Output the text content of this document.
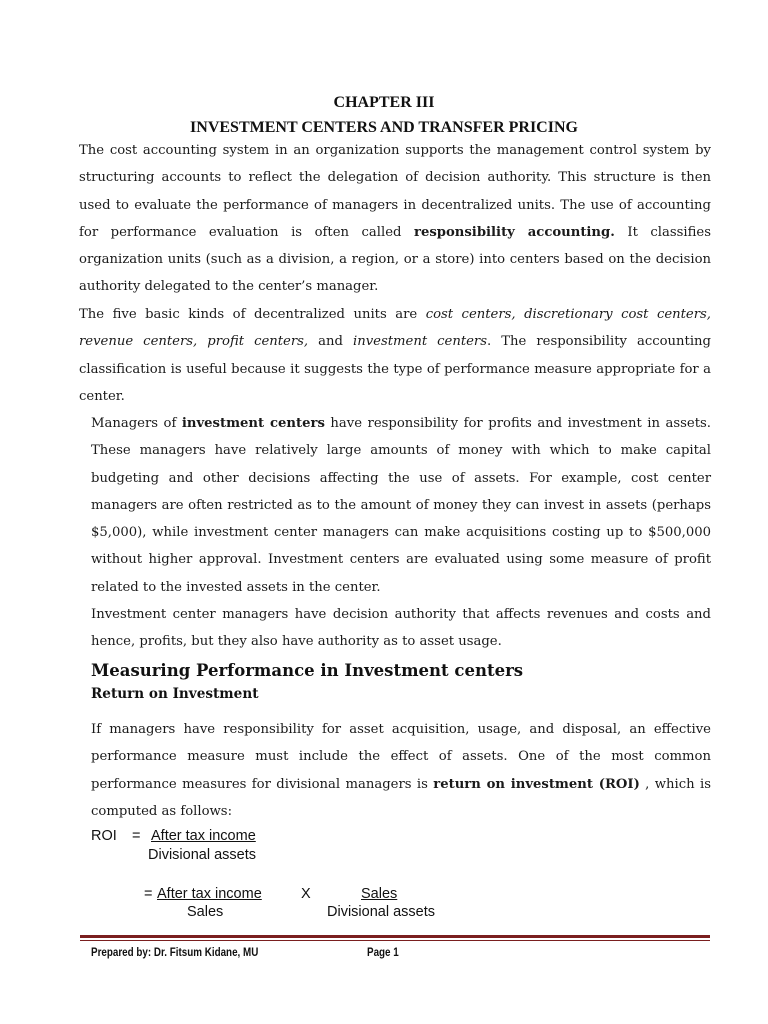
CHAPTER III
INVESTMENT CENTERS AND TRANSFER PRICING

The cost accounting system in an organization supports the management control system by structuring accounts to reflect the delegation of decision authority. This structure is then used to evaluate the performance of managers in decentralized units. The use of accounting for performance evaluation is often called responsibility accounting. It classifies organization units (such as a division, a region, or a store) into centers based on the decision authority delegated to the center’s manager.

The five basic kinds of decentralized units are cost centers, discretionary cost centers, revenue centers, profit centers, and investment centers. The responsibility accounting classification is useful because it suggests the type of performance measure appropriate for a center.

Managers of investment centers have responsibility for profits and investment in assets. These managers have relatively large amounts of money with which to make capital budgeting and other decisions affecting the use of assets. For example, cost center managers are often restricted as to the amount of money they can invest in assets (perhaps $5,000), while investment center managers can make acquisitions costing up to $500,000 without higher approval. Investment centers are evaluated using some measure of profit related to the invested assets in the center.

Investment center managers have decision authority that affects revenues and costs and hence, profits, but they also have authority as to asset usage.

Measuring Performance in Investment centers
Return on Investment

If managers have responsibility for asset acquisition, usage, and disposal, an effective performance measure must include the effect of assets. One of the most common performance measures for divisional managers is return on investment (ROI) , which is computed as follows:

ROI = After tax income
Divisional assets
= After tax income
Sales
X	Sales
Divisional assets
Prepared by: Dr. Fitsum Kidane, MU	Page 1
